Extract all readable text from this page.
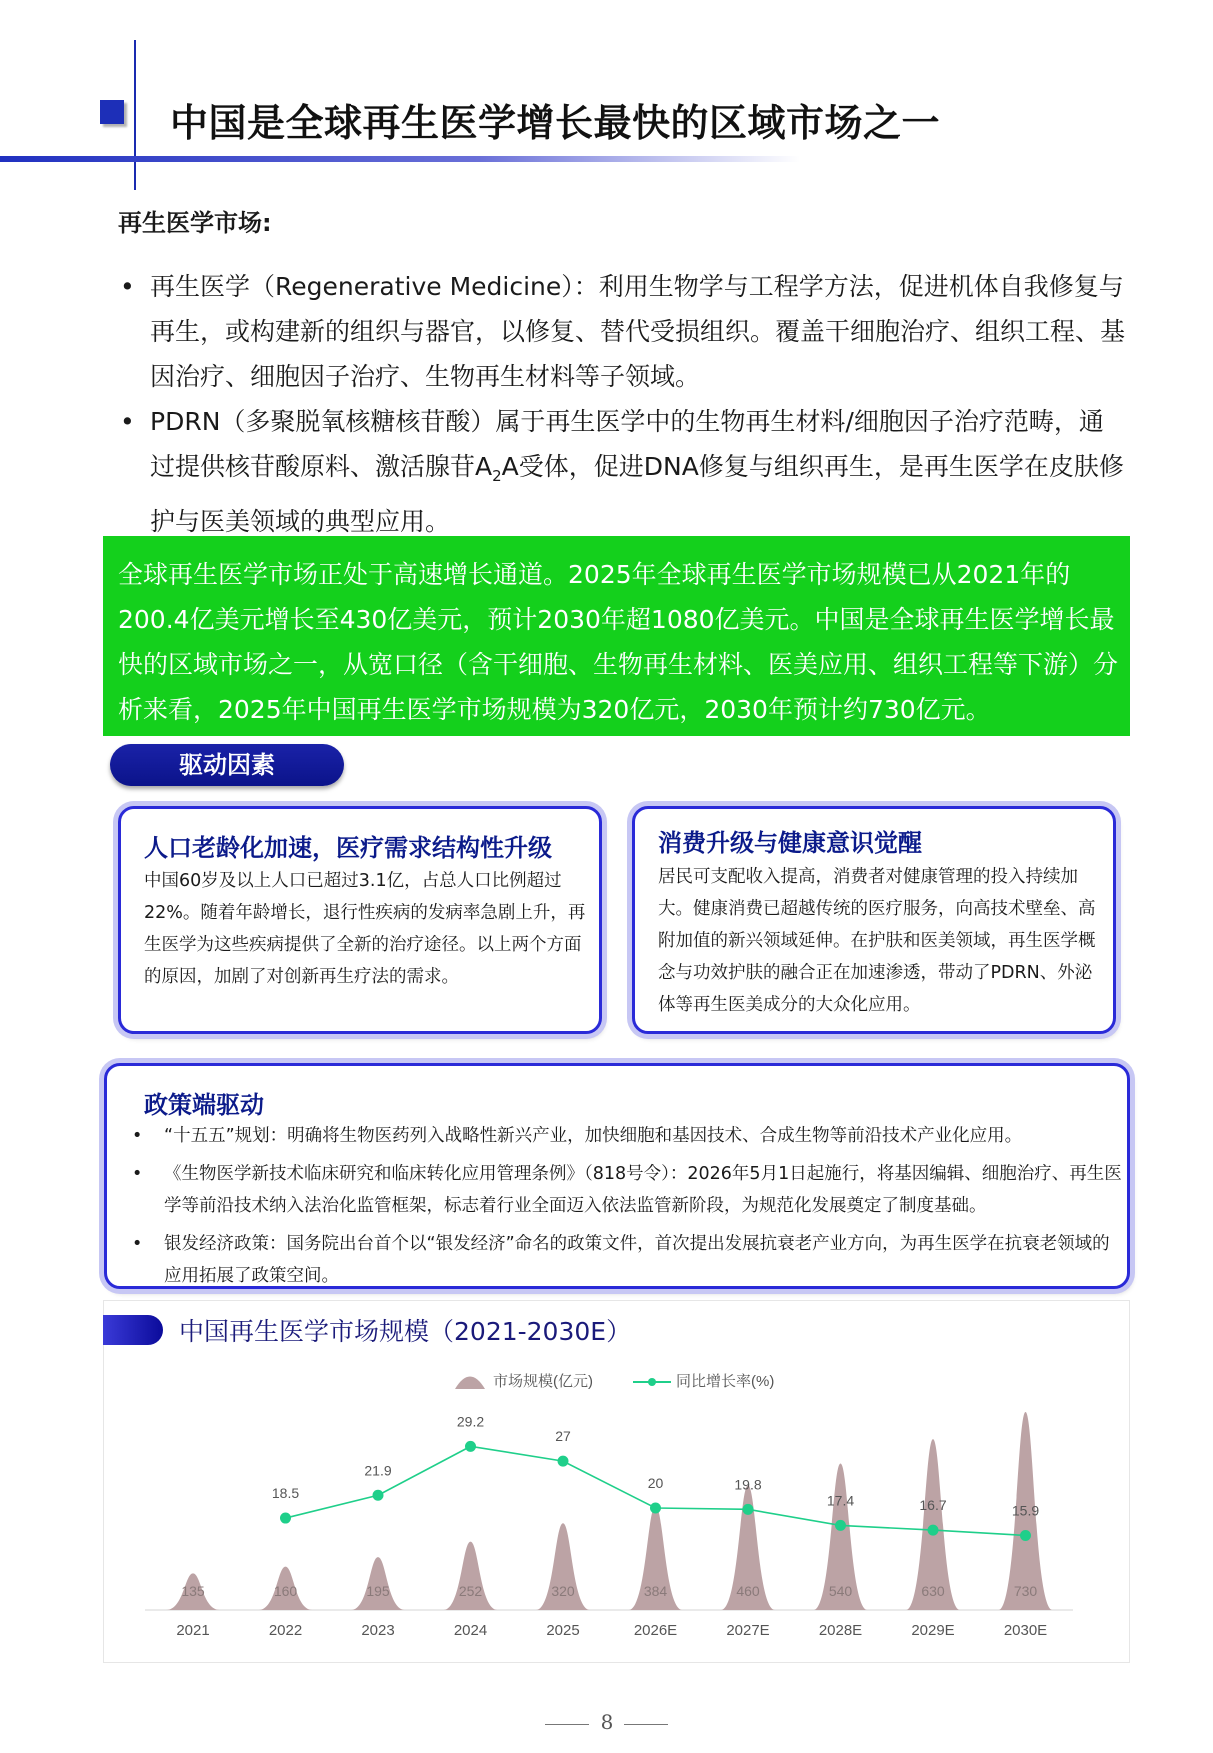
中国是全球再生医学增长最快的区域市场之一
再生医学市场:
• 再生医学（Regenerative Medicine）：利用生物学与工程学方法，促进机体自我修复与再生，或构建新的组织与器官，以修复、替代受损组织。覆盖干细胞治疗、组织工程、基因治疗、细胞因子治疗、生物再生材料等子领域。
• PDRN（多聚脱氧核糖核苷酸）属于再生医学中的生物再生材料/细胞因子治疗范畴，通过提供核苷酸原料、激活腺苷$A_2A$受体，促进DNA修复与组织再生，是再生医学在皮肤修护与医美领域的典型应用。
全球再生医学市场正处于高速增长通道。2025年全球再生医学市场规模已从2021年的200.4亿美元增长至430亿美元，预计2030年超1080亿美元。中国是全球再生医学增长最快的区域市场之一，从宽口径（含干细胞、生物再生材料、医美应用、组织工程等下游）分析来看，2025年中国再生医学市场规模为320亿元，2030年预计约730亿元。
驱动因素
人口老龄化加速，医疗需求结构性升级
中国60岁及以上人口已超过3.1亿，占总人口比例超过22%。随着年龄增长，退行性疾病的发病率急剧上升，再生医学为这些疾病提供了全新的治疗途径。以上两个方面的原因，加剧了对创新再生疗法的需求。
消费升级与健康意识觉醒
居民可支配收入提高，消费者对健康管理的投入持续加大。健康消费已超越传统的医疗服务，向高技术壁垒、高附加值的新兴领域延伸。在护肤和医美领域，再生医学概念与功效护肤的融合正在加速渗透，带动了PDRN、外泌体等再生医美成分的大众化应用。
政策端驱动
• “十五五”规划：明确将生物医药列入战略性新兴产业，加快细胞和基因技术、合成生物等前沿技术产业化应用。
• 《生物医学新技术临床研究和临床转化应用管理条例》（818号令）：2026年5月1日起施行，将基因编辑、细胞治疗、再生医学等前沿技术纳入法治化监管框架，标志着行业全面迈入依法监管新阶段，为规范化发展奠定了制度基础。
• 银发经济政策：国务院出台首个以“银发经济”命名的政策文件，首次提出发展抗衰老产业方向，为再生医学在抗衰老领域的应用拓展了政策空间。
中国再生医学市场规模（2021-2030E）
市场规模(亿元)	同比增长率(%)
135
2021
160
2022
195
2023
252
2024
320
2025
384
2026E
460
2027E
540
2028E
630
2029E
730
2030E
18.5
21.9
29.2
27
20	19.8
17.4	16.7	15.9
8
